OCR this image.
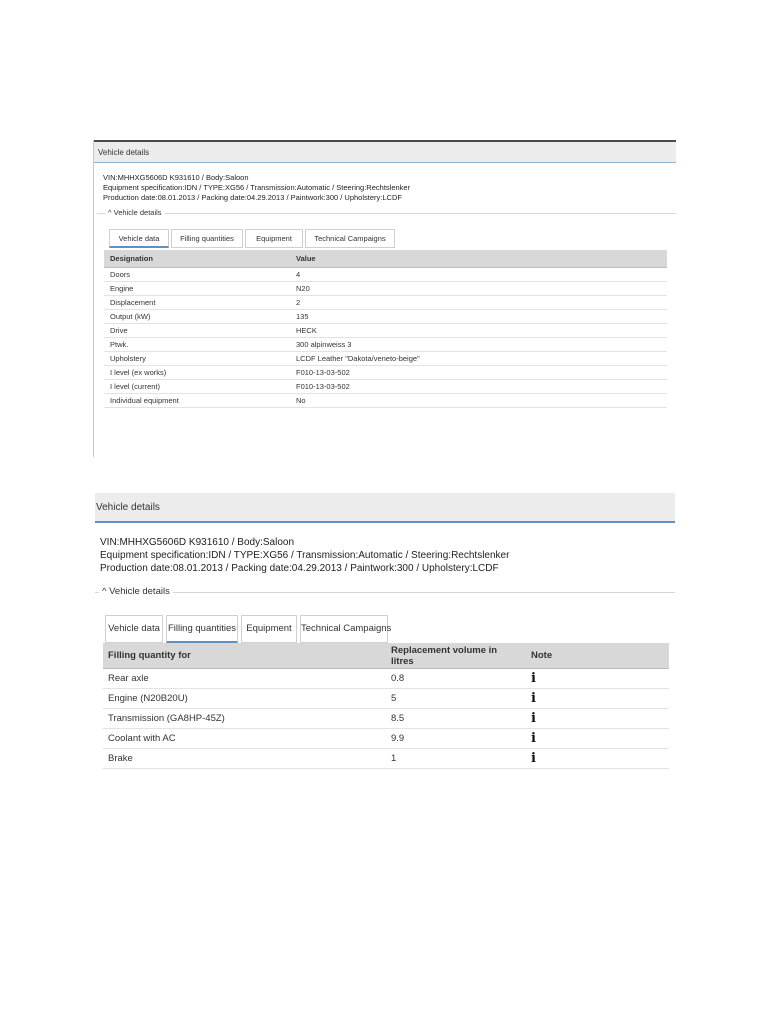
Vehicle details
VIN:MHHXG5606D K931610 / Body:Saloon
Equipment specification:IDN / TYPE:XG56 / Transmission:Automatic / Steering:Rechtslenker
Production date:08.01.2013 / Packing date:04.29.2013 / Paintwork:300 / Upholstery:LCDF
^ Vehicle details
Vehicle data	Filling quantities	Equipment	Technical Campaigns
Designation	Value
Doors	4
Engine	N20
Displacement	2
Output (kW)	135
Drive	HECK
Ptwk.	300 alpinweiss 3
Upholstery	LCDF Leather "Dakota/veneto-beige"
I level (ex works)	F010-13-03-502
I level (current)	F010-13-03-502
Individual equipment	No
Vehicle details
VIN:MHHXG5606D K931610 / Body:Saloon
Equipment specification:IDN / TYPE:XG56 / Transmission:Automatic / Steering:Rechtslenker
Production date:08.01.2013 / Packing date:04.29.2013 / Paintwork:300 / Upholstery:LCDF
^ Vehicle details
Vehicle data Filling quantities	Equipment Technical Campaigns
Filling quantity for	Replacement volume in litres	Note
Rear axle	0.8	i
Engine (N20B20U)	5	i
Transmission (GA8HP-45Z)	8.5	i
Coolant with AC	9.9	i
Brake	1	i
